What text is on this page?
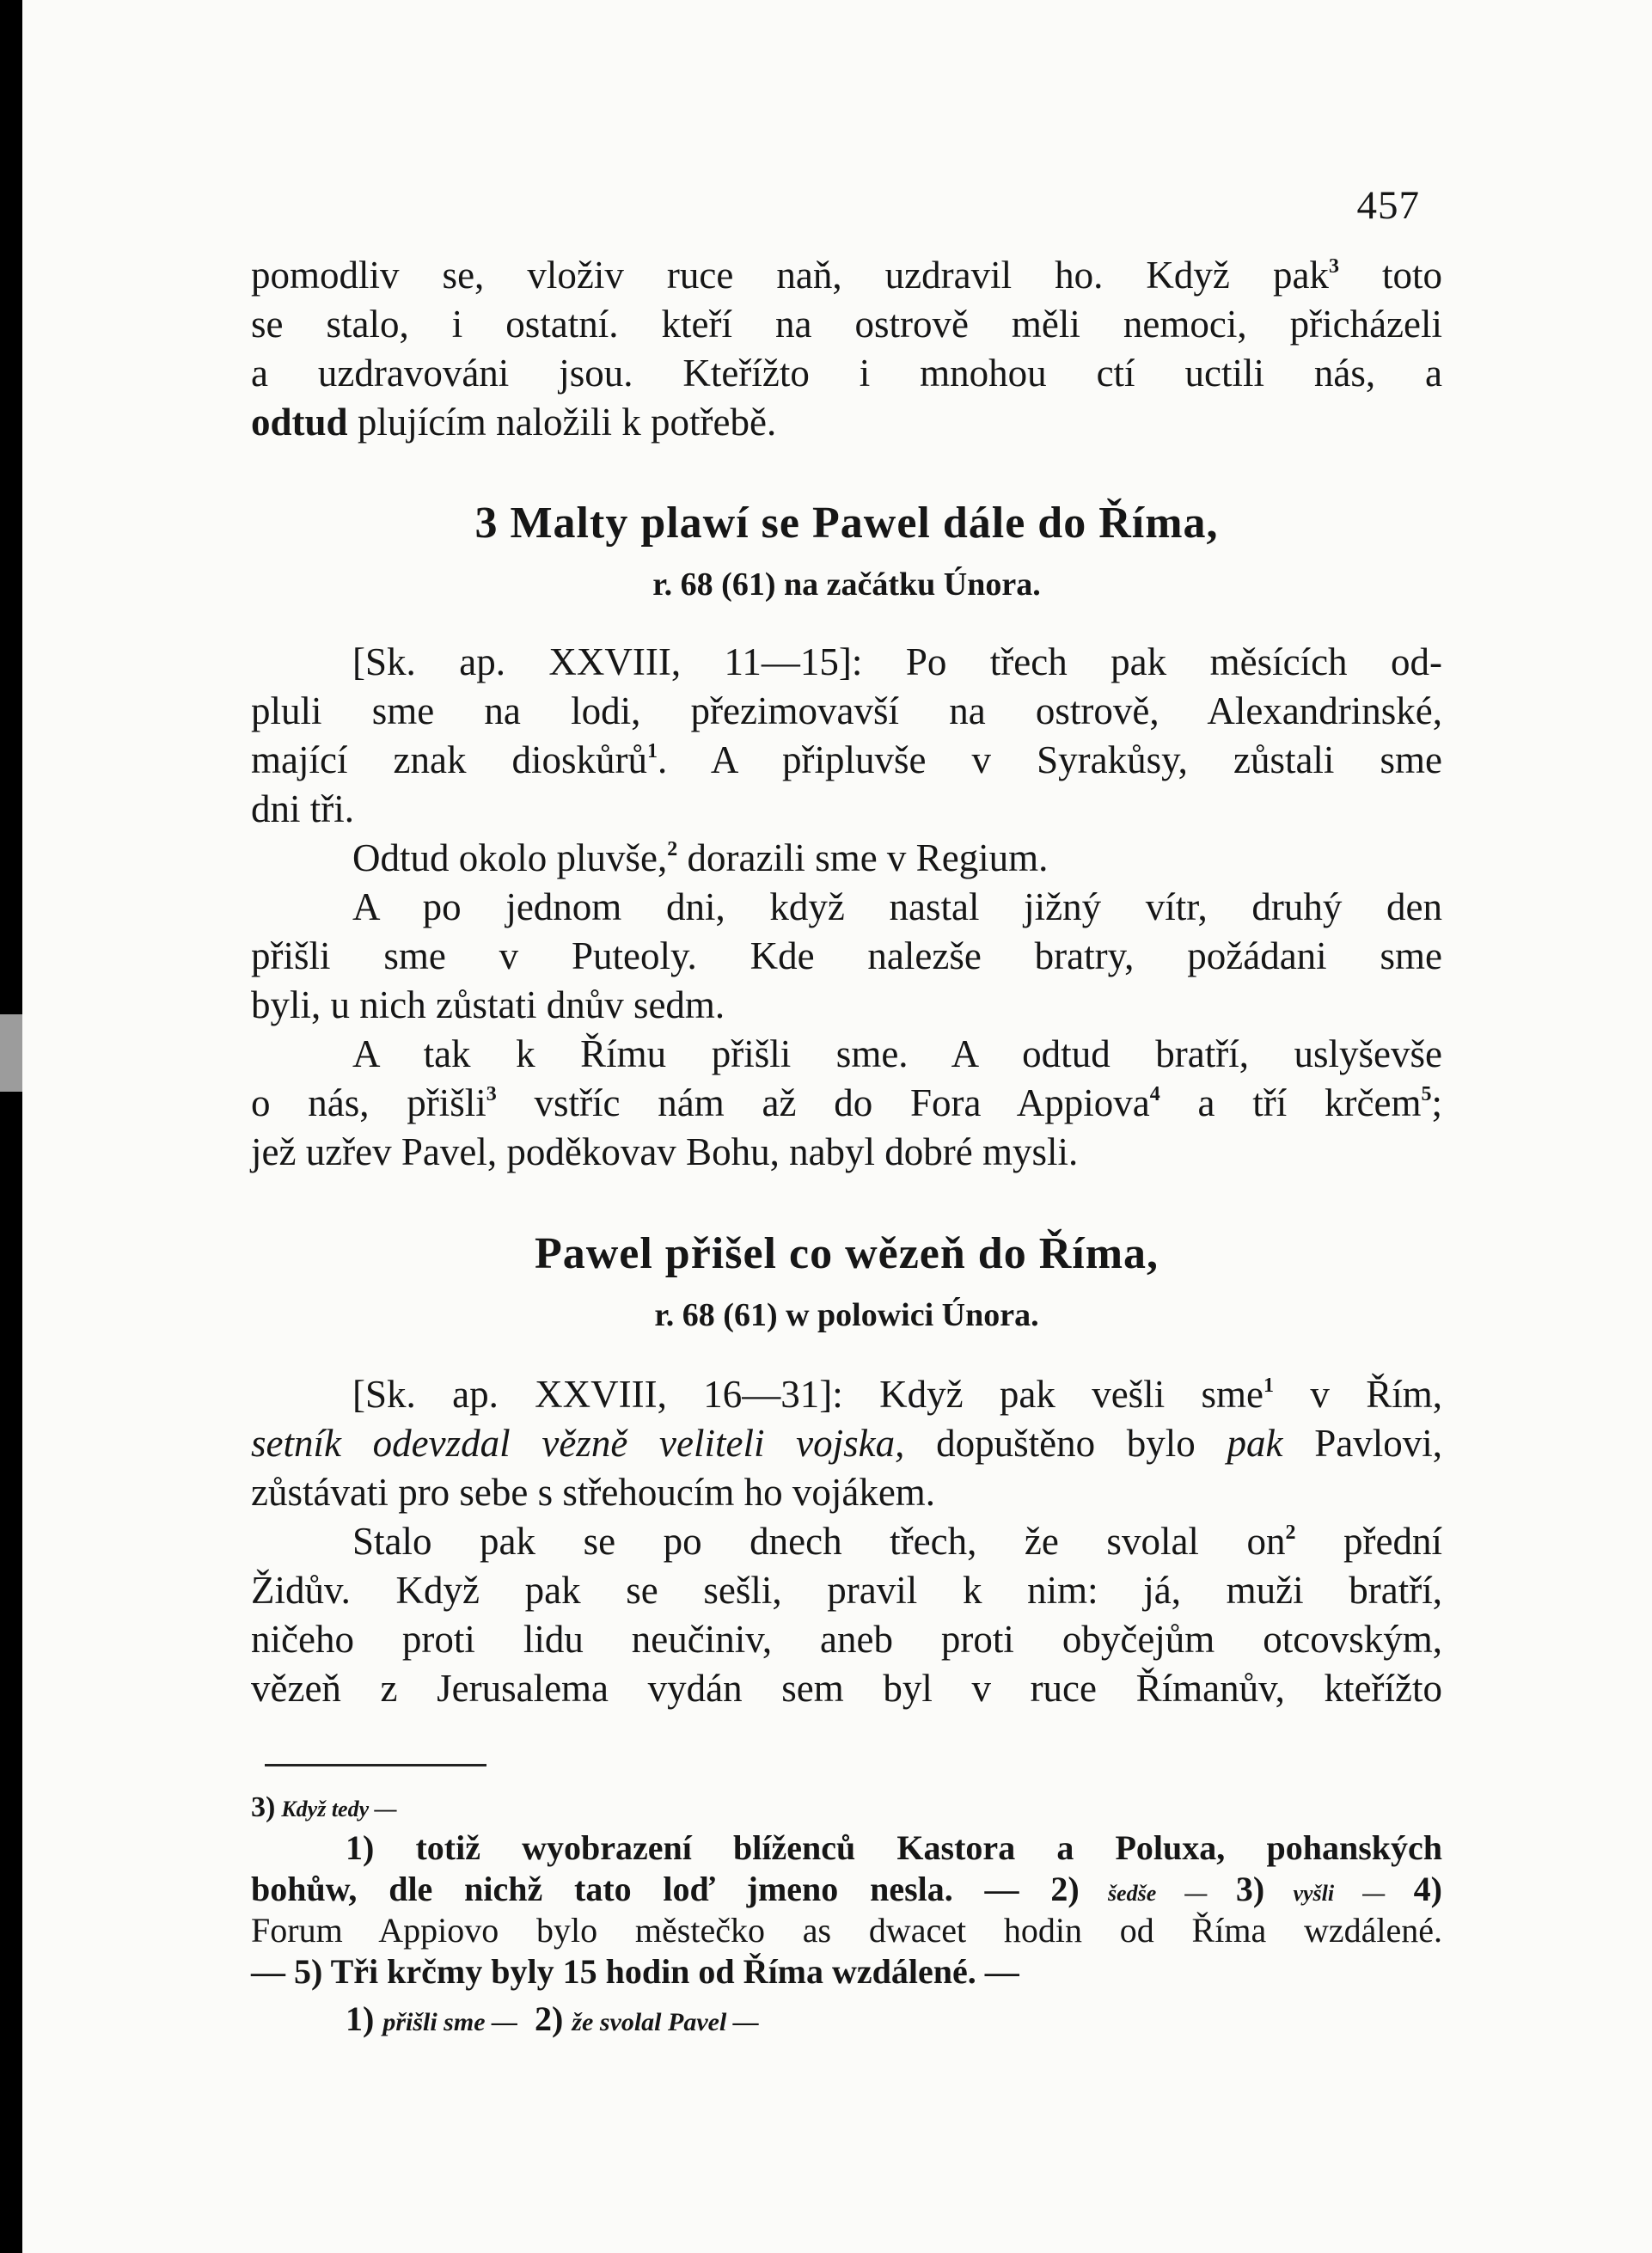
457
pomodliv se, vloživ ruce naň, uzdravil ho. Když pak$^3$ toto
se stalo, i ostatní. kteří na ostrově měli nemoci, přicházeli
a uzdravováni jsou. Kteřížto i mnohou ctí uctili nás, a
odtud plujícím naložili k potřebě.
3 Malty plawí se Pawel dále do Říma,
r. 68 (61) na začátku Února.
[Sk. ap. XXVIII, 11—15]: Po třech pak měsících od-
pluli sme na lodi, přezimovavší na ostrově, Alexandrinské,
mající znak dioskůrů$^1$. A připluvše v Syrakůsy, zůstali sme
dni tři.
Odtud okolo pluvše,$^2$ dorazili sme v Regium.
A po jednom dni, když nastal jižný vítr, druhý den
přišli sme v Puteoly. Kde nalezše bratry, požádani sme
byli, u nich zůstati dnův sedm.
A tak k Římu přišli sme. A odtud bratří, uslyševše
o nás, přišli$^3$ vstříc nám až do Fora Appiova$^4$ a tří krčem$^5$;
jež uzřev Pavel, poděkovav Bohu, nabyl dobré mysli.
Pawel přišel co wězeň do Říma,
r. 68 (61) w polowici Února.
[Sk. ap. XXVIII, 16—31]: Když pak vešli sme$^1$ v Řím,
setník odevzdal vězně veliteli vojska, dopuštěno bylo pak Pavlovi,
zůstávati pro sebe s střehoucím ho vojákem.
Stalo pak se po dnech třech, že svolal $on^2$ přední
Židův. Když pak se sešli, pravil k nim: já, muži bratří,
ničeho proti lidu neučiniv, aneb proti obyčejům otcovským,
vězeň z Jerusalema vydán sem byl v ruce Římanův, kteřížto
3) Když tedy —
1) totiž wyobrazení blíženců Kastora a Poluxa, pohanských
bohůw, dle nichž tato loď jmeno nesla. — 2) šedše — 3) vyšli — 4)
Forum Appiovo bylo městečko as dwacet hodin od Říma wzdálené.
— 5) Tři krčmy byly 15 hodin od Říma wzdálené. —
1) přišli sme — 2) že svolal Pavel —
